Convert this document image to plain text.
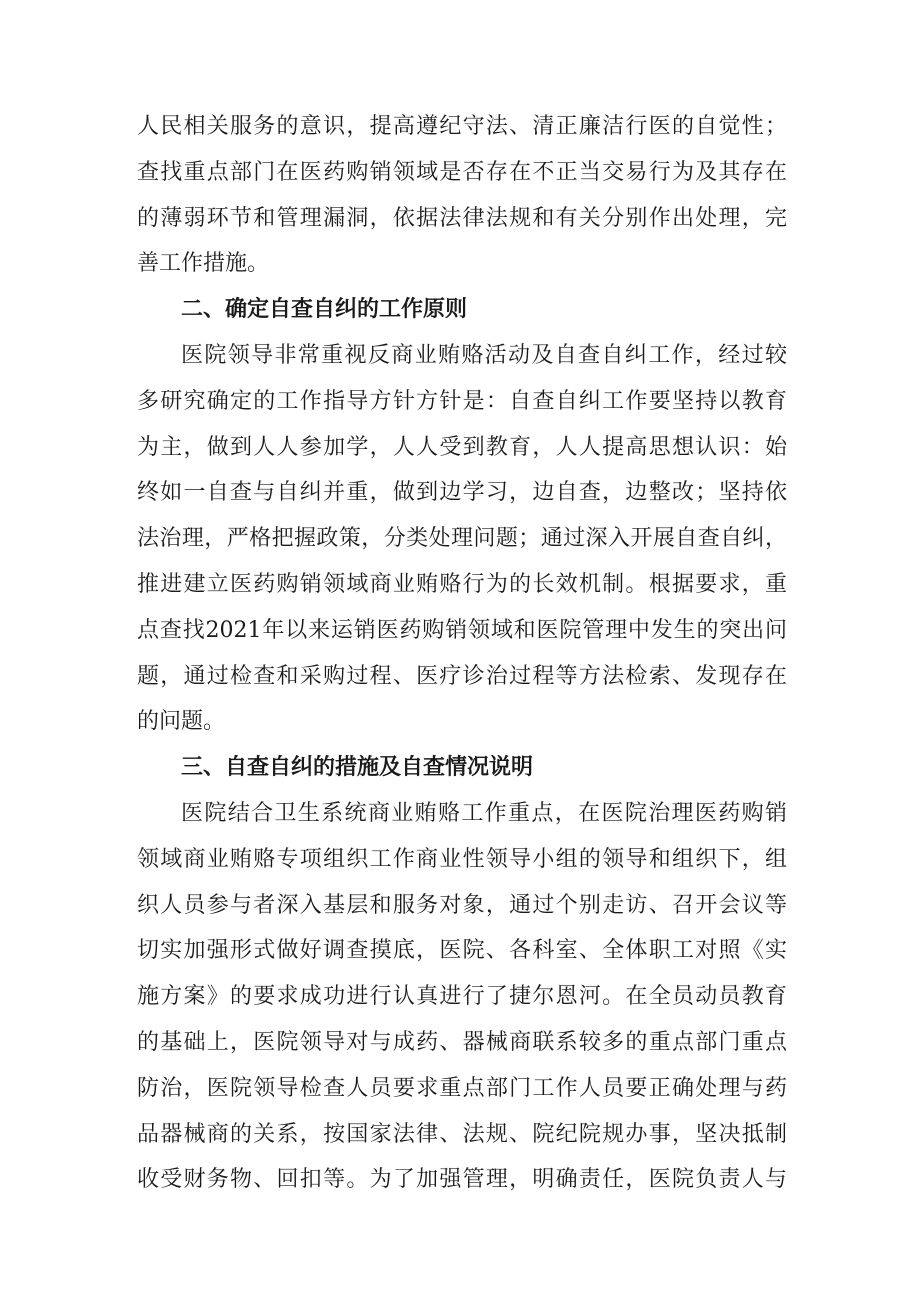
人民相关服务的意识，提高遵纪守法、清正廉洁行医的自觉性；
查找重点部门在医药购销领域是否存在不正当交易行为及其存在
的薄弱环节和管理漏洞，依据法律法规和有关分别作出处理，完
善工作措施。
二、确定自查自纠的工作原则
医院领导非常重视反商业贿赂活动及自查自纠工作，经过较
多研究确定的工作指导方针方针是：自查自纠工作要坚持以教育
为主，做到人人参加学，人人受到教育，人人提高思想认识：始
终如一自查与自纠并重，做到边学习，边自查，边整改；坚持依
法治理，严格把握政策，分类处理问题；通过深入开展自查自纠，
推进建立医药购销领域商业贿赂行为的长效机制。根据要求，重
点查找2021年以来运销医药购销领域和医院管理中发生的突出问
题，通过检查和采购过程、医疗诊治过程等方法检索、发现存在
的问题。
三、自查自纠的措施及自查情况说明
医院结合卫生系统商业贿赂工作重点，在医院治理医药购销
领域商业贿赂专项组织工作商业性领导小组的领导和组织下，组
织人员参与者深入基层和服务对象，通过个别走访、召开会议等
切实加强形式做好调查摸底，医院、各科室、全体职工对照《实
施方案》的要求成功进行认真进行了捷尔恩河。在全员动员教育
的基础上，医院领导对与成药、器械商联系较多的重点部门重点
防治，医院领导检查人员要求重点部门工作人员要正确处理与药
品器械商的关系，按国家法律、法规、院纪院规办事，坚决抵制
收受财务物、回扣等。为了加强管理，明确责任，医院负责人与
